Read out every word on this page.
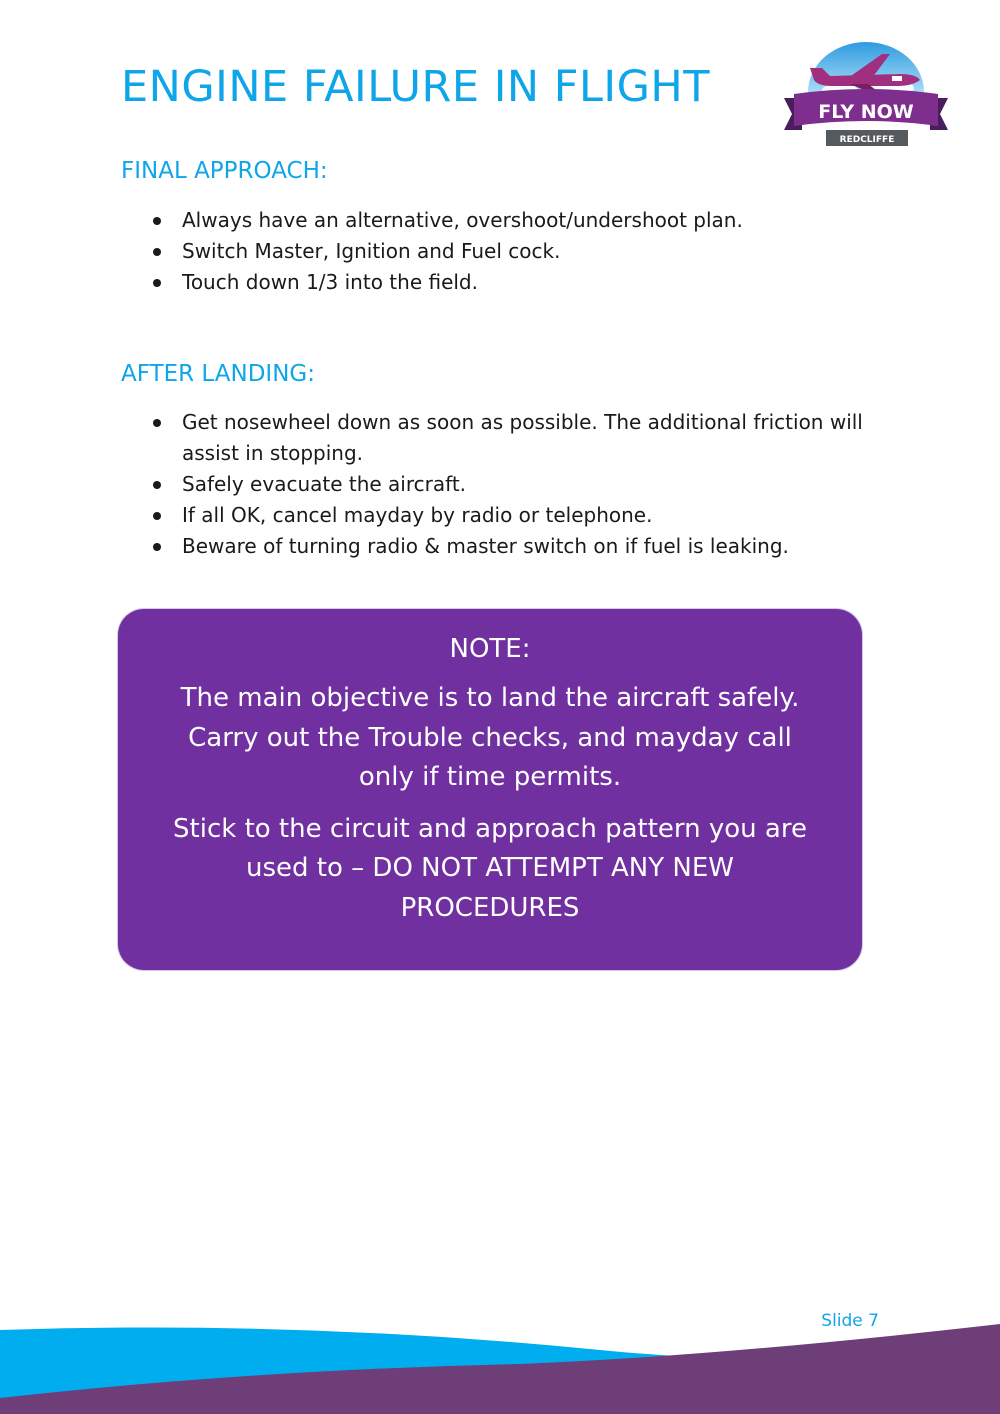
ENGINE FAILURE IN FLIGHT	FLY NOW
REDCLIFFE
FINAL APPROACH:
Always have an alternative, overshoot/undershoot plan.
Switch Master, Ignition and Fuel cock.
Touch down 1/3 into the field.
AFTER LANDING:
Get nosewheel down as soon as possible. The additional friction will assist in stopping.
Safely evacuate the aircraft.
If all OK, cancel mayday by radio or telephone.
Beware of turning radio & master switch on if fuel is leaking.

NOTE:

The main objective is to land the aircraft safely. Carry out the Trouble checks, and mayday call only if time permits.

Stick to the circuit and approach pattern you are used to – DO NOT ATTEMPT ANY NEW PROCEDURES

Slide 7
